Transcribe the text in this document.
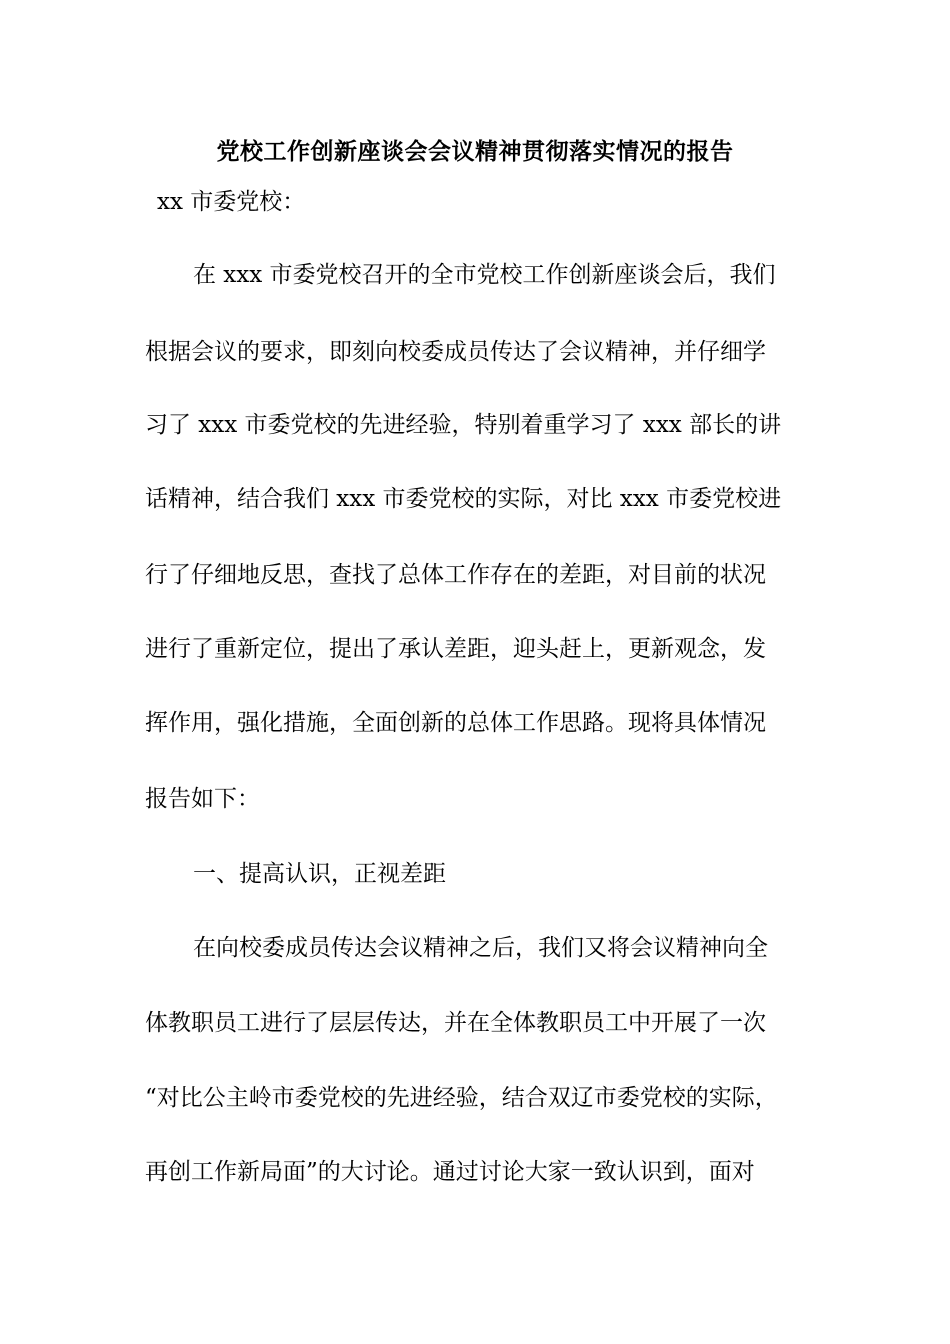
党校工作创新座谈会会议精神贯彻落实情况的报告
xx 市委党校：
在 xxx 市委党校召开的全市党校工作创新座谈会后，我们
根据会议的要求，即刻向校委成员传达了会议精神，并仔细学
习了 xxx 市委党校的先进经验，特别着重学习了 xxx 部长的讲
话精神，结合我们 xxx 市委党校的实际，对比 xxx 市委党校进
行了仔细地反思，查找了总体工作存在的差距，对目前的状况
进行了重新定位，提出了承认差距，迎头赶上，更新观念，发
挥作用，强化措施，全面创新的总体工作思路。现将具体情况
报告如下：
一、提高认识，正视差距
在向校委成员传达会议精神之后，我们又将会议精神向全
体教职员工进行了层层传达，并在全体教职员工中开展了一次
“对比公主岭市委党校的先进经验，结合双辽市委党校的实际，
再创工作新局面”的大讨论。通过讨论大家一致认识到，面对
